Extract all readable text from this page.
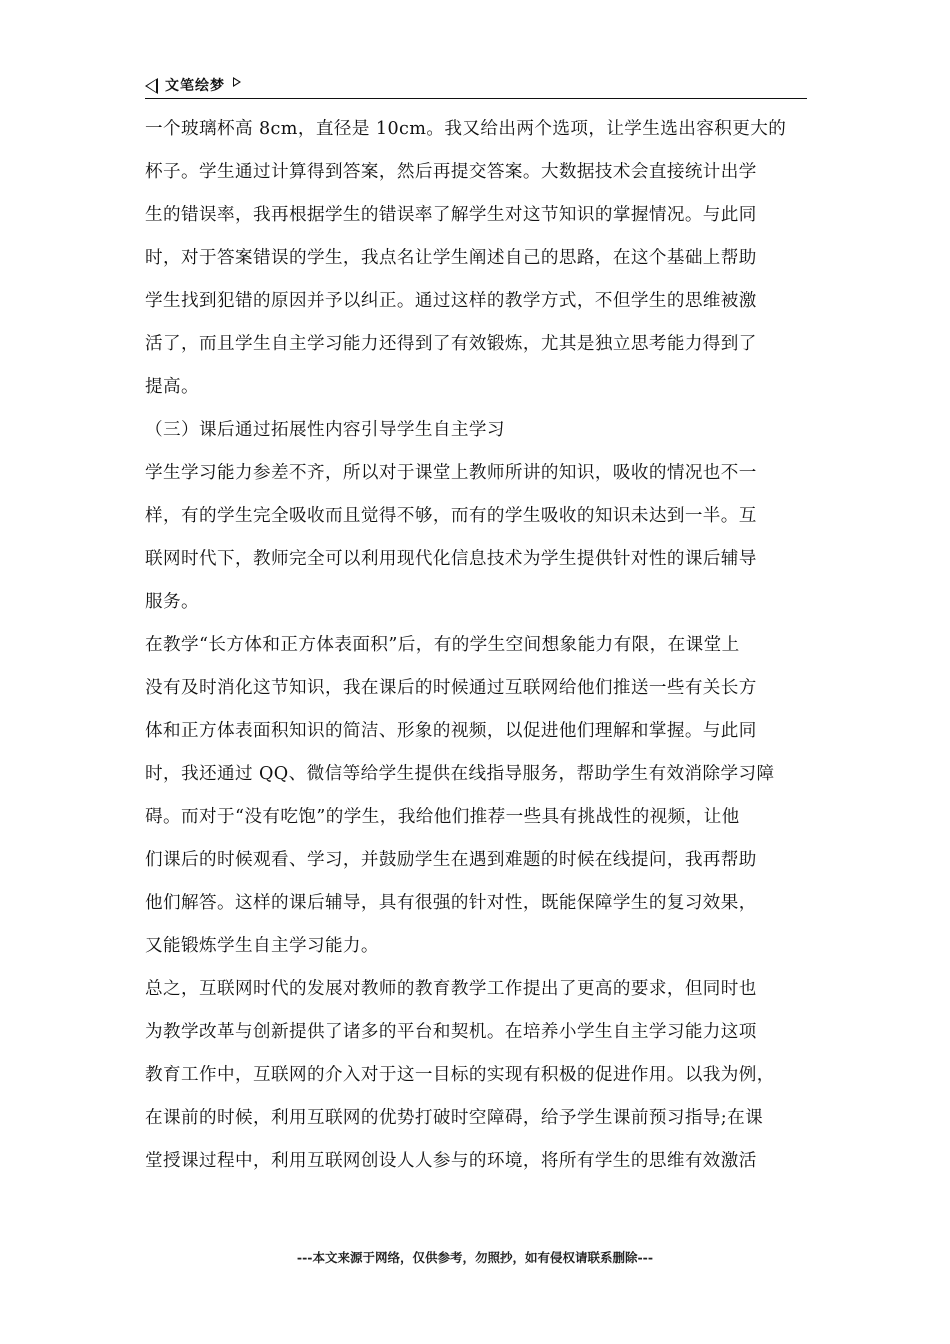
文笔绘梦
一个玻璃杯高 8cm，直径是 10cm。我又给出两个选项，让学生选出容积更大的
杯子。学生通过计算得到答案，然后再提交答案。大数据技术会直接统计出学
生的错误率，我再根据学生的错误率了解学生对这节知识的掌握情况。与此同
时，对于答案错误的学生，我点名让学生阐述自己的思路，在这个基础上帮助
学生找到犯错的原因并予以纠正。通过这样的教学方式，不但学生的思维被激
活了，而且学生自主学习能力还得到了有效锻炼，尤其是独立思考能力得到了
提高。
（三）课后通过拓展性内容引导学生自主学习
学生学习能力参差不齐，所以对于课堂上教师所讲的知识，吸收的情况也不一
样，有的学生完全吸收而且觉得不够，而有的学生吸收的知识未达到一半。互
联网时代下，教师完全可以利用现代化信息技术为学生提供针对性的课后辅导
服务。
在教学“长方体和正方体表面积”后，有的学生空间想象能力有限，在课堂上
没有及时消化这节知识，我在课后的时候通过互联网给他们推送一些有关长方
体和正方体表面积知识的简洁、形象的视频，以促进他们理解和掌握。与此同
时，我还通过 QQ、微信等给学生提供在线指导服务，帮助学生有效消除学习障
碍。而对于“没有吃饱”的学生，我给他们推荐一些具有挑战性的视频，让他
们课后的时候观看、学习，并鼓励学生在遇到难题的时候在线提问，我再帮助
他们解答。这样的课后辅导，具有很强的针对性，既能保障学生的复习效果，
又能锻炼学生自主学习能力。
总之，互联网时代的发展对教师的教育教学工作提出了更高的要求，但同时也
为教学改革与创新提供了诸多的平台和契机。在培养小学生自主学习能力这项
教育工作中，互联网的介入对于这一目标的实现有积极的促进作用。以我为例，
在课前的时候，利用互联网的优势打破时空障碍，给予学生课前预习指导;在课
堂授课过程中，利用互联网创设人人参与的环境，将所有学生的思维有效激活
---本文来源于网络，仅供参考，勿照抄，如有侵权请联系删除---
